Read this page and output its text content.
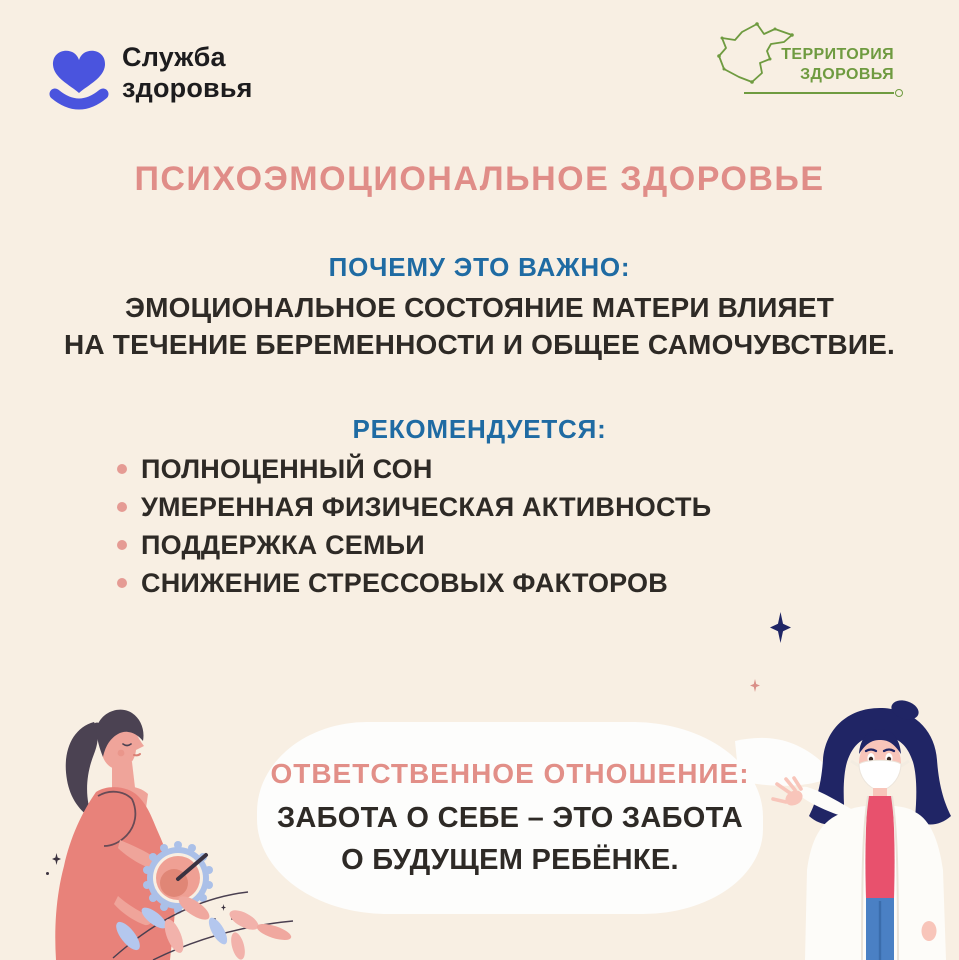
Служба
здоровья
ТЕРРИТОРИЯ
ЗДОРОВЬЯ
ПСИХОЭМОЦИОНАЛЬНОЕ ЗДОРОВЬЕ
ПОЧЕМУ ЭТО ВАЖНО:
ЭМОЦИОНАЛЬНОЕ СОСТОЯНИЕ МАТЕРИ ВЛИЯЕТ
НА ТЕЧЕНИЕ БЕРЕМЕННОСТИ И ОБЩЕЕ САМОЧУВСТВИЕ.
РЕКОМЕНДУЕТСЯ:
ПОЛНОЦЕННЫЙ СОН
УМЕРЕННАЯ ФИЗИЧЕСКАЯ АКТИВНОСТЬ
ПОДДЕРЖКА СЕМЬИ
СНИЖЕНИЕ СТРЕССОВЫХ ФАКТОРОВ
ОТВЕТСТВЕННОЕ ОТНОШЕНИЕ:
ЗАБОТА О СЕБЕ – ЭТО ЗАБОТА
О БУДУЩЕМ РЕБЁНКЕ.
